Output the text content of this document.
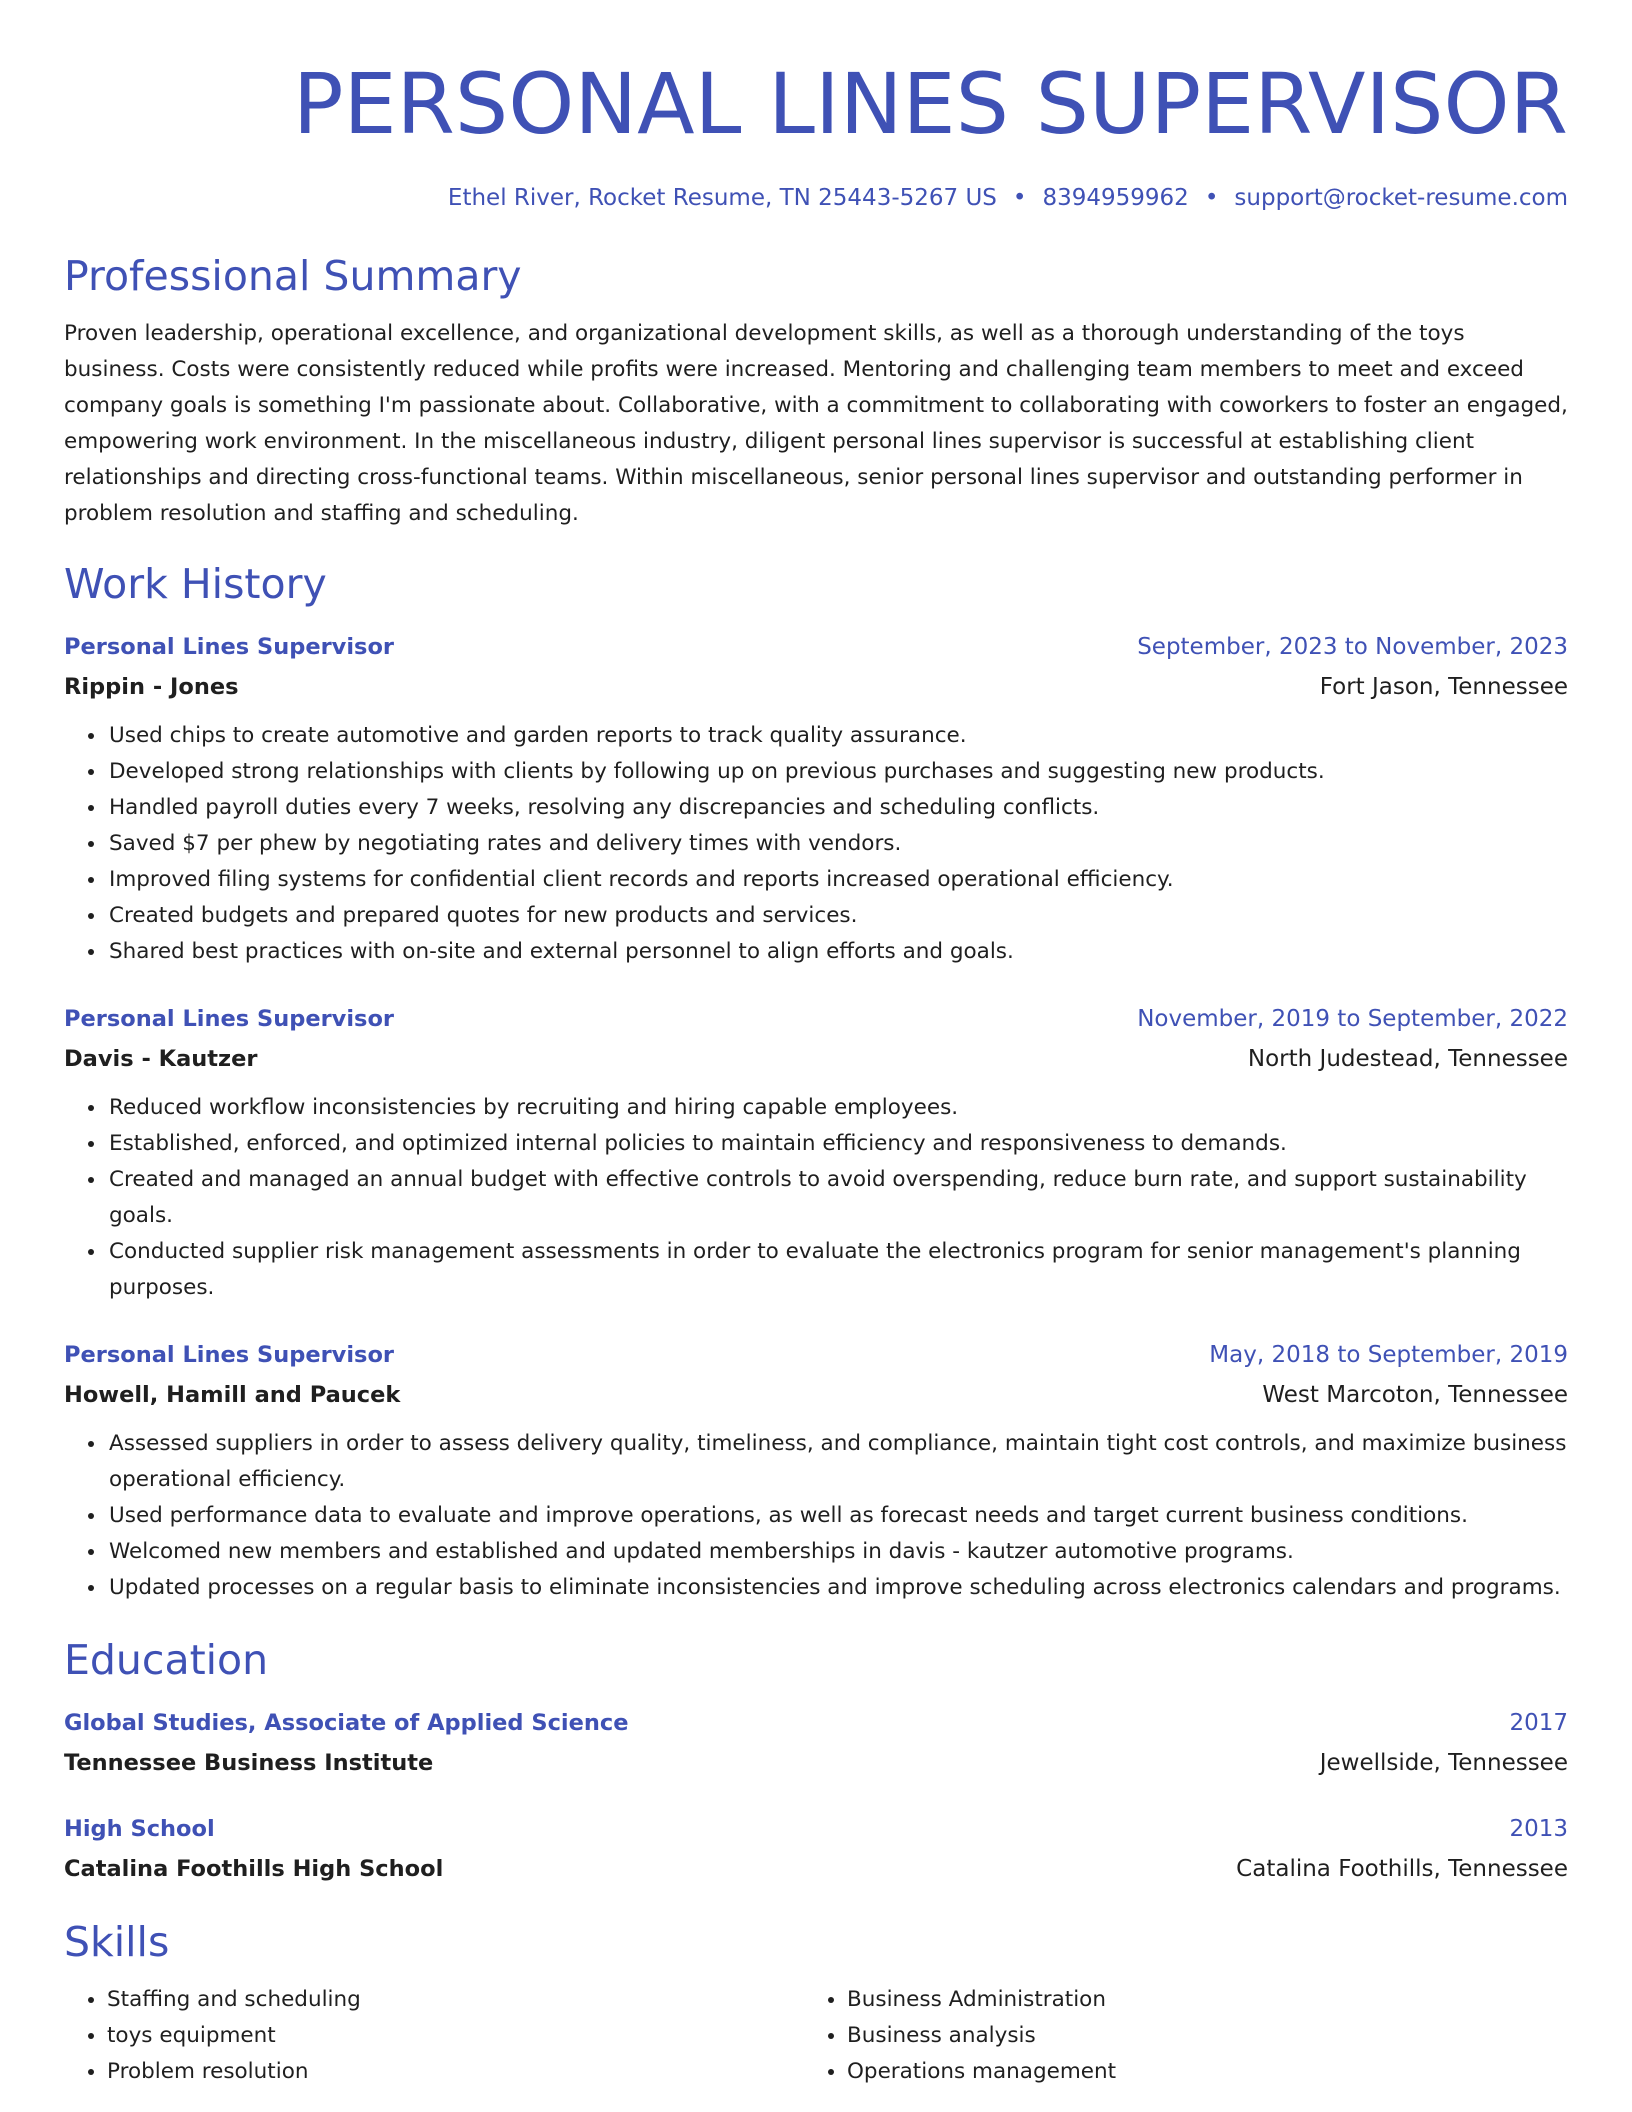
PERSONAL LINES SUPERVISOR
Ethel River, Rocket Resume, TN 25443-5267 US • 8394959962 • support@rocket-resume.com
Professional Summary

Proven leadership, operational excellence, and organizational development skills, as well as a thorough understanding of the toys business. Costs were consistently reduced while profits were increased. Mentoring and challenging team members to meet and exceed company goals is something I'm passionate about. Collaborative, with a commitment to collaborating with coworkers to foster an engaged, empowering work environment. In the miscellaneous industry, diligent personal lines supervisor is successful at establishing client relationships and directing cross-functional teams. Within miscellaneous, senior personal lines supervisor and outstanding performer in problem resolution and staffing and scheduling.

Work History
Personal Lines Supervisor	September, 2023 to November, 2023
Rippin - Jones	Fort Jason, Tennessee
• Used chips to create automotive and garden reports to track quality assurance.
• Developed strong relationships with clients by following up on previous purchases and suggesting new products.
• Handled payroll duties every 7 weeks, resolving any discrepancies and scheduling conflicts.
• Saved $7 per phew by negotiating rates and delivery times with vendors.
• Improved filing systems for confidential client records and reports increased operational efficiency.
• Created budgets and prepared quotes for new products and services.
• Shared best practices with on-site and external personnel to align efforts and goals.
Personal Lines Supervisor	November, 2019 to September, 2022
Davis - Kautzer	North Judestead, Tennessee
• Reduced workflow inconsistencies by recruiting and hiring capable employees.
• Established, enforced, and optimized internal policies to maintain efficiency and responsiveness to demands.
• Created and managed an annual budget with effective controls to avoid overspending, reduce burn rate, and support sustainability goals.
• Conducted supplier risk management assessments in order to evaluate the electronics program for senior management's planning purposes.
Personal Lines Supervisor	May, 2018 to September, 2019
Howell, Hamill and Paucek	West Marcoton, Tennessee
• Assessed suppliers in order to assess delivery quality, timeliness, and compliance, maintain tight cost controls, and maximize business operational efficiency.
• Used performance data to evaluate and improve operations, as well as forecast needs and target current business conditions.
• Welcomed new members and established and updated memberships in davis - kautzer automotive programs.
• Updated processes on a regular basis to eliminate inconsistencies and improve scheduling across electronics calendars and programs.
Education
Global Studies, Associate of Applied Science	2017
Tennessee Business Institute	Jewellside, Tennessee
High School	2013
Catalina Foothills High School	Catalina Foothills, Tennessee
Skills
• Staffing and scheduling
• toys equipment
• Problem resolution
• Business Administration
• Business analysis
• Operations management
